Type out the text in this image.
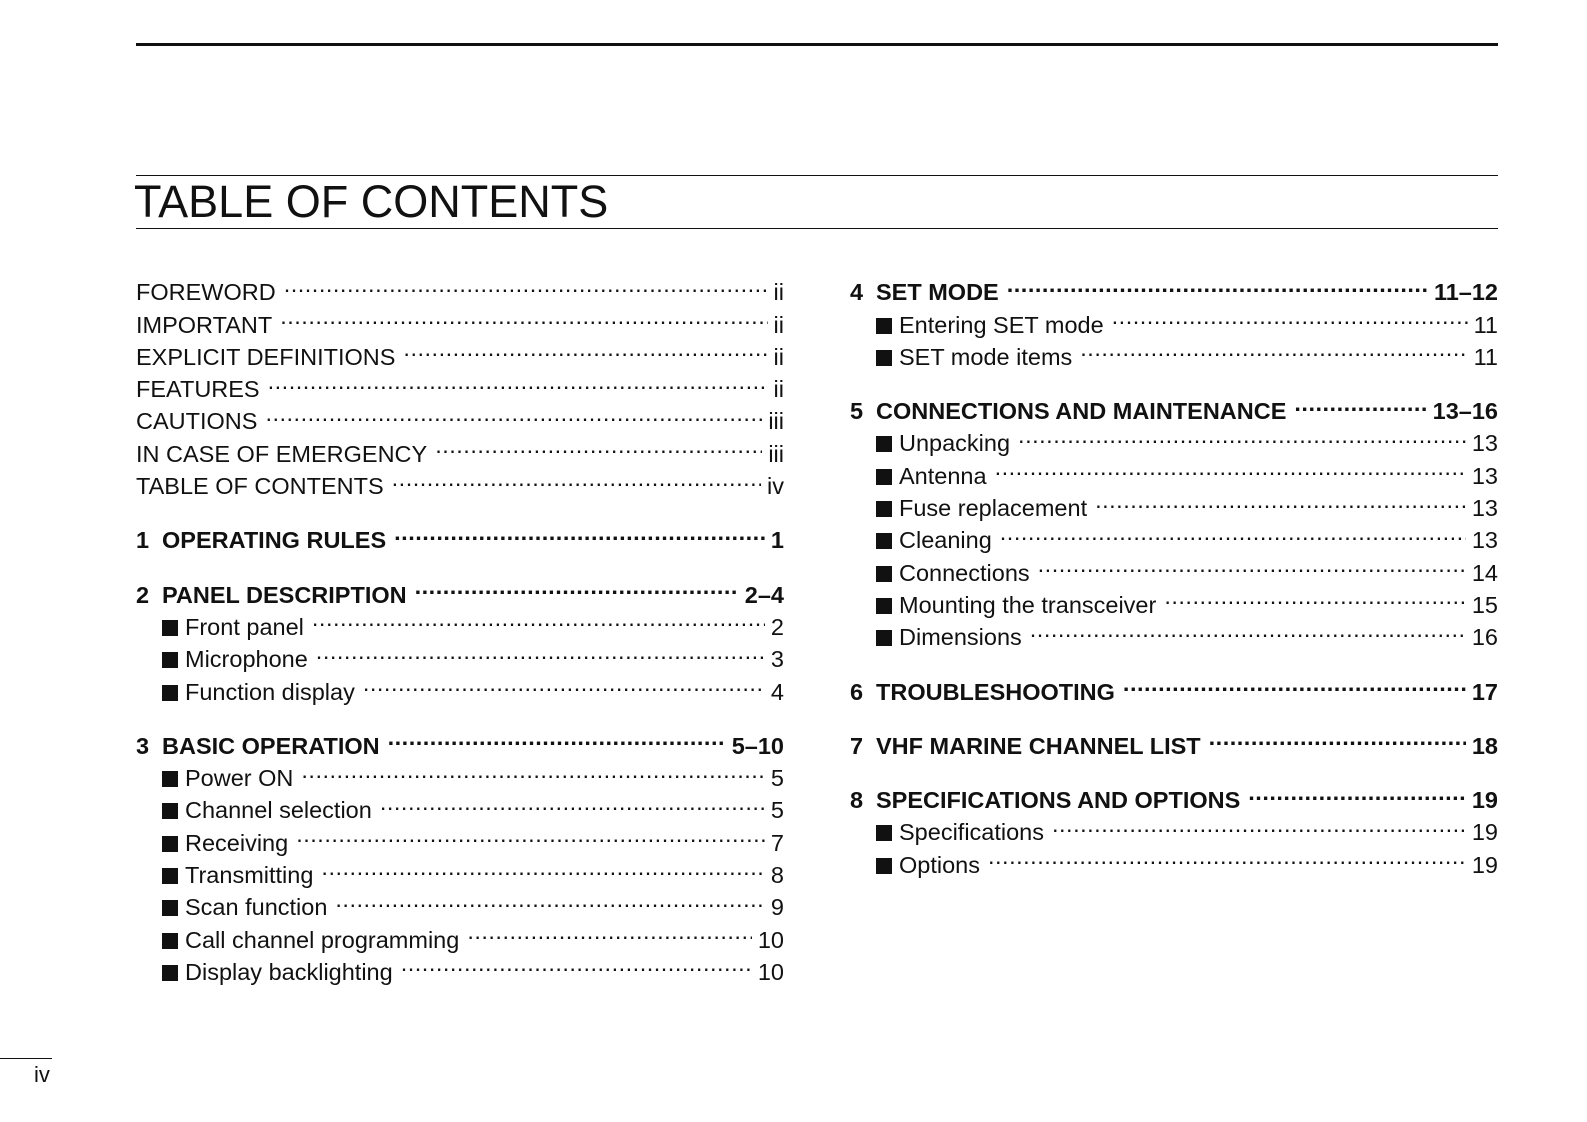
TABLE OF CONTENTS
FOREWORD .....	ii
IMPORTANT .....	ii
EXPLICIT DEFINITIONS .....	ii
FEATURES .....	ii
CAUTIONS .....	iii
IN CASE OF EMERGENCY .....	iii
TABLE OF CONTENTS .....	iv
1 OPERATING RULES .....	1
2 PANEL DESCRIPTION .....	2–4
Front panel .....	2
Microphone .....	3
Function display .....	4
3 BASIC OPERATION .....	5–10
Power ON .....	5
Channel selection .....	5
Receiving .....	7
Transmitting .....	8
Scan function .....	9
Call channel programming .....	10
Display backlighting .....	10
4 SET MODE .....	11–12
Entering SET mode .....	11
SET mode items .....	11
5 CONNECTIONS AND MAINTENANCE .....	13–16
Unpacking .....	13
Antenna .....	13
Fuse replacement .....	13
Cleaning .....	13
Connections .....	14
Mounting the transceiver .....	15
Dimensions .....	16
6 TROUBLESHOOTING .....	17
7 VHF MARINE CHANNEL LIST .....	18
8 SPECIFICATIONS AND OPTIONS .....	19
Specifications .....	19
Options .....	19
iv
